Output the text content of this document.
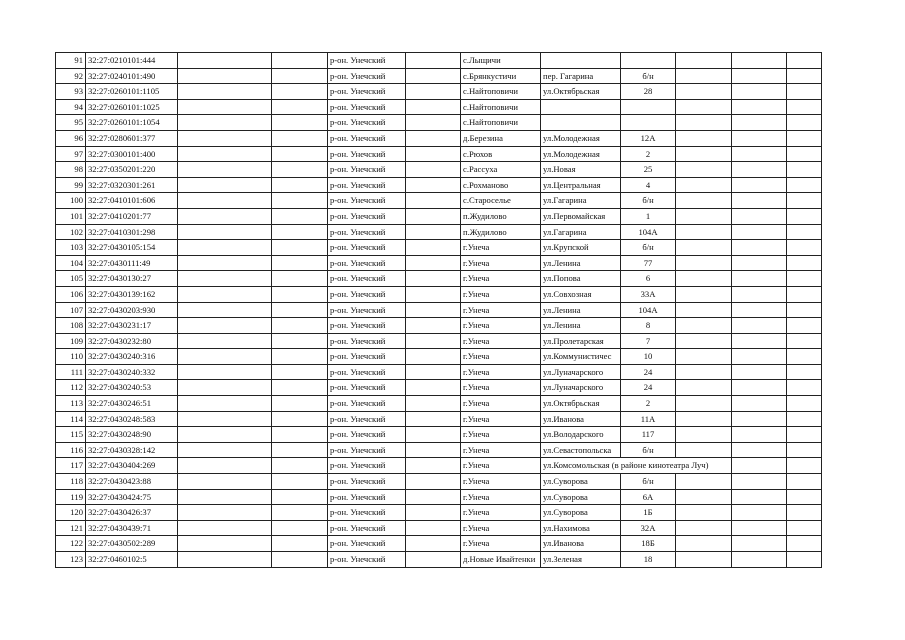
91	32:27:0210101:444			р-он. Унечский		с.Лыщичи					
92	32:27:0240101:490			р-он. Унечский		с.Брянкустичи	пер. Гагарина	б/н			
93	32:27:0260101:1105			р-он. Унечский		с.Найтоповичи	ул.Октябрьская	28			
94	32:27:0260101:1025			р-он. Унечский		с.Найтоповичи					
95	32:27:0260101:1054			р-он. Унечский		с.Найтоповичи					
96	32:27:0280601:377			р-он. Унечский		д.Березина	ул.Молодежная	12А			
97	32:27:0300101:400			р-он. Унечский		с.Рюхов	ул.Молодежная	2			
98	32:27:0350201:220			р-он. Унечский		с.Рассуха	ул.Новая	25			
99	32:27:0320301:261			р-он. Унечский		с.Рохманово	ул.Центральная	4			
100	32:27:0410101:606			р-он. Унечский		с.Староселье	ул.Гагарина	б/н			
101	32:27:0410201:77			р-он. Унечский		п.Жудилово	ул.Первомайская	1			
102	32:27:0410301:298			р-он. Унечский		п.Жудилово	ул.Гагарина	104А			
103	32:27:0430105:154			р-он. Унечский		г.Унеча	ул.Крупской	б/н			
104	32:27:0430111:49			р-он. Унечский		г.Унеча	ул.Ленина	77			
105	32:27:0430130:27			р-он. Унечский		г.Унеча	ул.Попова	6			
106	32:27:0430139:162			р-он. Унечский		г.Унеча	ул.Совхозная	33А			
107	32:27:0430203:930			р-он. Унечский		г.Унеча	ул.Ленина	104А			
108	32:27:0430231:17			р-он. Унечский		г.Унеча	ул.Ленина	8			
109	32:27:0430232:80			р-он. Унечский		г.Унеча	ул.Пролетарская	7			
110	32:27:0430240:316			р-он. Унечский		г.Унеча	ул.Коммунистичес	10			
111	32:27:0430240:332			р-он. Унечский		г.Унеча	ул.Луначарского	24			
112	32:27:0430240:53			р-он. Унечский		г.Унеча	ул.Луначарского	24			
113	32:27:0430246:51			р-он. Унечский		г.Унеча	ул.Октябрьская	2			
114	32:27:0430248:583			р-он. Унечский		г.Унеча	ул.Иванова	11А			
115	32:27:0430248:90			р-он. Унечский		г.Унеча	ул.Володарского	117			
116	32:27:0430328:142			р-он. Унечский		г.Унеча	ул.Севастопольска	б/н			
117	32:27:0430404:269			р-он. Унечский		г.Унеча	ул.Комсомольская (в районе кинотеатра Луч)				
118	32:27:0430423:88			р-он. Унечский		г.Унеча	ул.Суворова	б/н			
119	32:27:0430424:75			р-он. Унечский		г.Унеча	ул.Суворова	6А			
120	32:27:0430426:37			р-он. Унечский		г.Унеча	ул.Суворова	1Б			
121	32:27:0430439:71			р-он. Унечский		г.Унеча	ул.Нахимова	32А			
122	32:27:0430502:289			р-он. Унечский		г.Унеча	ул.Иванова	18Б			
123	32:27:0460102:5			р-он. Унечский		д.Новые Ивайтенки	ул.Зеленая	18			
